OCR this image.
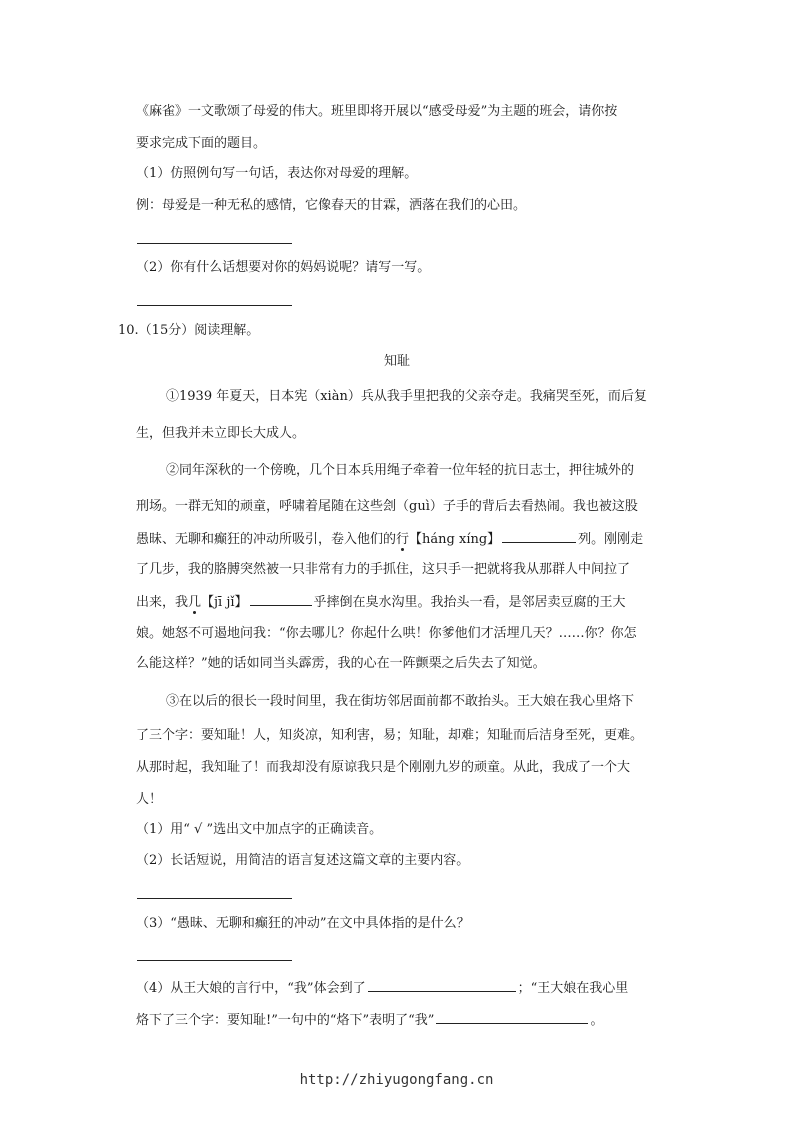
《麻雀》一文歌颂了母爱的伟大。班里即将开展以“感受母爱”为主题的班会，请你按
要求完成下面的题目。
（1）仿照例句写一句话，表达你对母爱的理解。
例：母爱是一种无私的感情，它像春天的甘霖，洒落在我们的心田。
（2）你有什么话想要对你的妈妈说呢？请写一写。
10.（15分）阅读理解。
知耻
①1939 年夏天，日本宪（xiàn）兵从我手里把我的父亲夺走。我痛哭至死，而后复
生，但我并未立即长大成人。
②同年深秋的一个傍晚，几个日本兵用绳子牵着一位年轻的抗日志士，押往城外的
刑场。一群无知的顽童，呼啸着尾随在这些刽（guì）子手的背后去看热闹。我也被这股
愚昧、无聊和癫狂的冲动所吸引，卷入他们的行【háng xíng】	列。刚刚走
了几步，我的胳膊突然被一只非常有力的手抓住，这只手一把就将我从那群人中间拉了
出来，我几【jī jǐ】	乎摔倒在臭水沟里。我抬头一看，是邻居卖豆腐的王大
娘。她怒不可遏地问我：“你去哪儿？你起什么哄！你爹他们才活埋几天？……你？你怎
么能这样？”她的话如同当头霹雳，我的心在一阵颤栗之后失去了知觉。
③在以后的很长一段时间里，我在街坊邻居面前都不敢抬头。王大娘在我心里烙下
了三个字：要知耻！人，知炎凉，知利害，易；知耻，却难；知耻而后洁身至死，更难。
从那时起，我知耻了！而我却没有原谅我只是个刚刚九岁的顽童。从此，我成了一个大
人！
（1）用“ √ ”选出文中加点字的正确读音。
（2）长话短说，用简洁的语言复述这篇文章的主要内容。
（3）“愚昧、无聊和癫狂的冲动”在文中具体指的是什么？
（4）从王大娘的言行中，“我”体会到了	；“王大娘在我心里
烙下了三个字：要知耻!”一句中的“烙下”表明了“我”	。
http://zhiyugongfang.cn
